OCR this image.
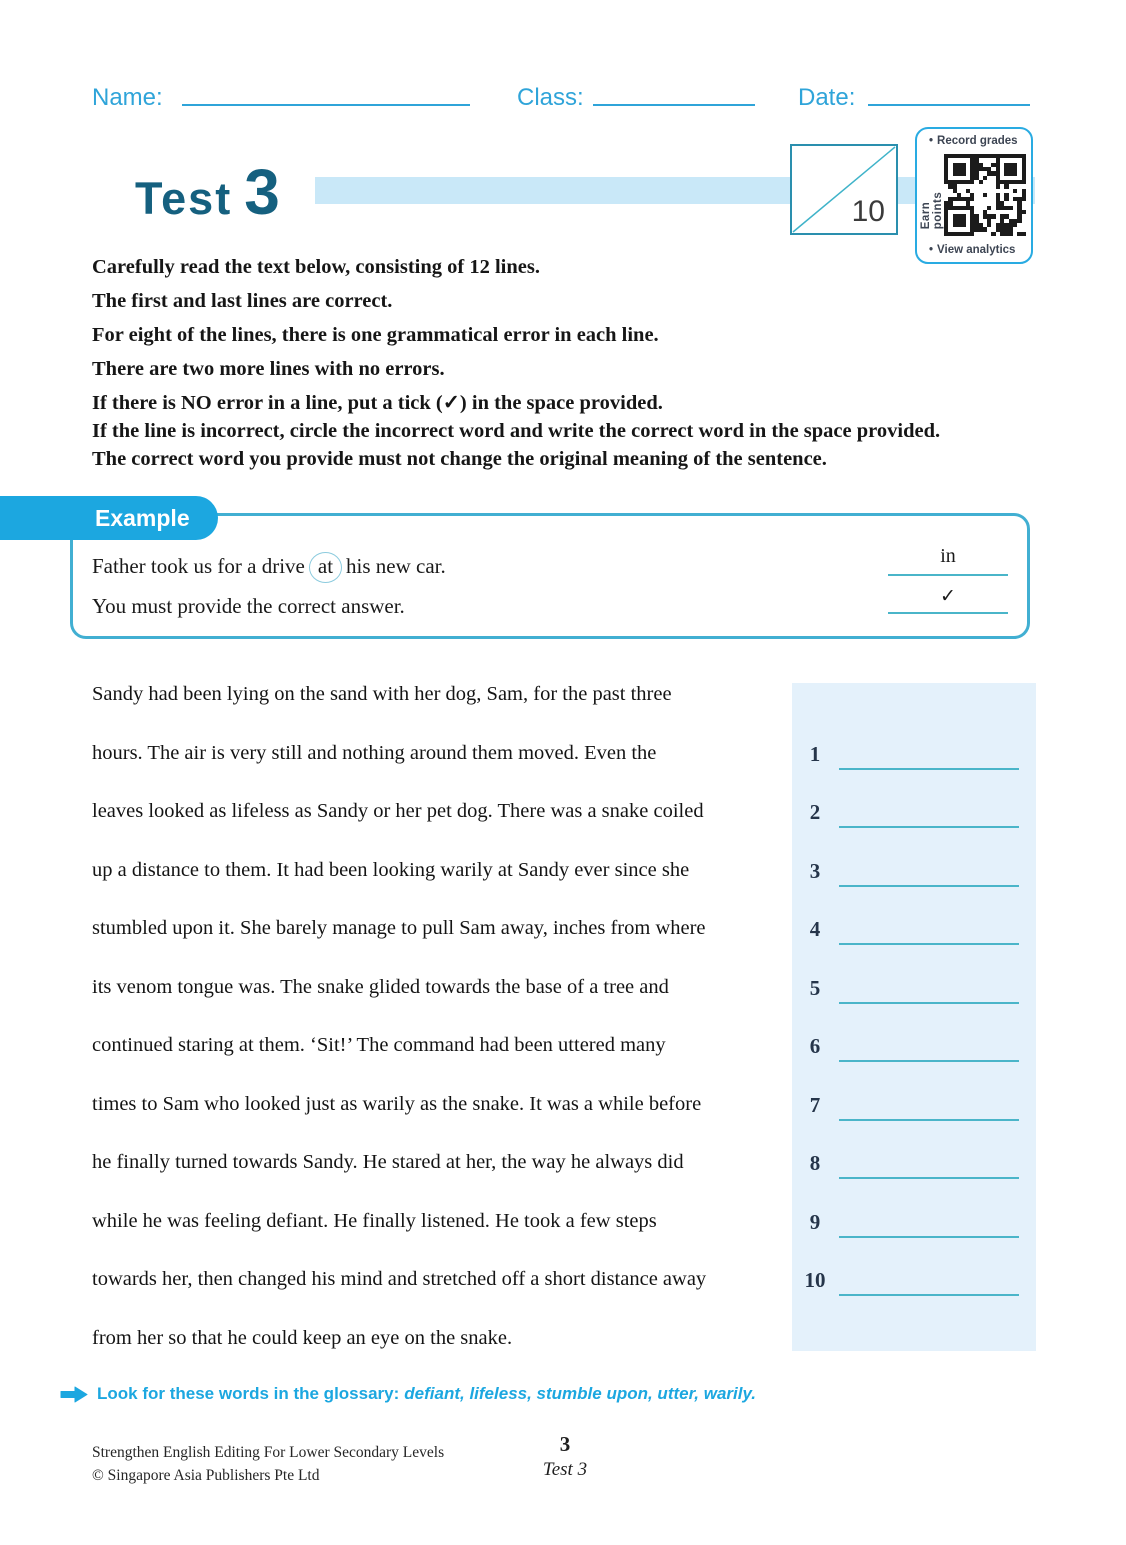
Name:	Class:	Date:
Test 3	10
• Record grades
Earn points
• View analytics

Carefully read the text below, consisting of 12 lines.

The first and last lines are correct.

For eight of the lines, there is one grammatical error in each line.

There are two more lines with no errors.

If there is NO error in a line, put a tick (✓) in the space provided.

If the line is incorrect, circle the incorrect word and write the correct word in the space provided.

The correct word you provide must not change the original meaning of the sentence.

Example
Father took us for a drive at his new car.
You must provide the correct answer.
in
✓
Sandy had been lying on the sand with her dog, Sam, for the past three
hours. The air is very still and nothing around them moved. Even the	1
leaves looked as lifeless as Sandy or her pet dog. There was a snake coiled	2
up a distance to them. It had been looking warily at Sandy ever since she	3
stumbled upon it. She barely manage to pull Sam away, inches from where	4
its venom tongue was. The snake glided towards the base of a tree and	5
continued staring at them. ‘Sit!’ The command had been uttered many	6
times to Sam who looked just as warily as the snake. It was a while before	7
he finally turned towards Sandy. He stared at her, the way he always did	8
while he was feeling defiant. He finally listened. He took a few steps	9
towards her, then changed his mind and stretched off a short distance away	10
from her so that he could keep an eye on the snake.
Look for these words in the glossary: defiant, lifeless, stumble upon, utter, warily.
Strengthen English Editing For Lower Secondary Levels
© Singapore Asia Publishers Pte Ltd
3
Test 3
